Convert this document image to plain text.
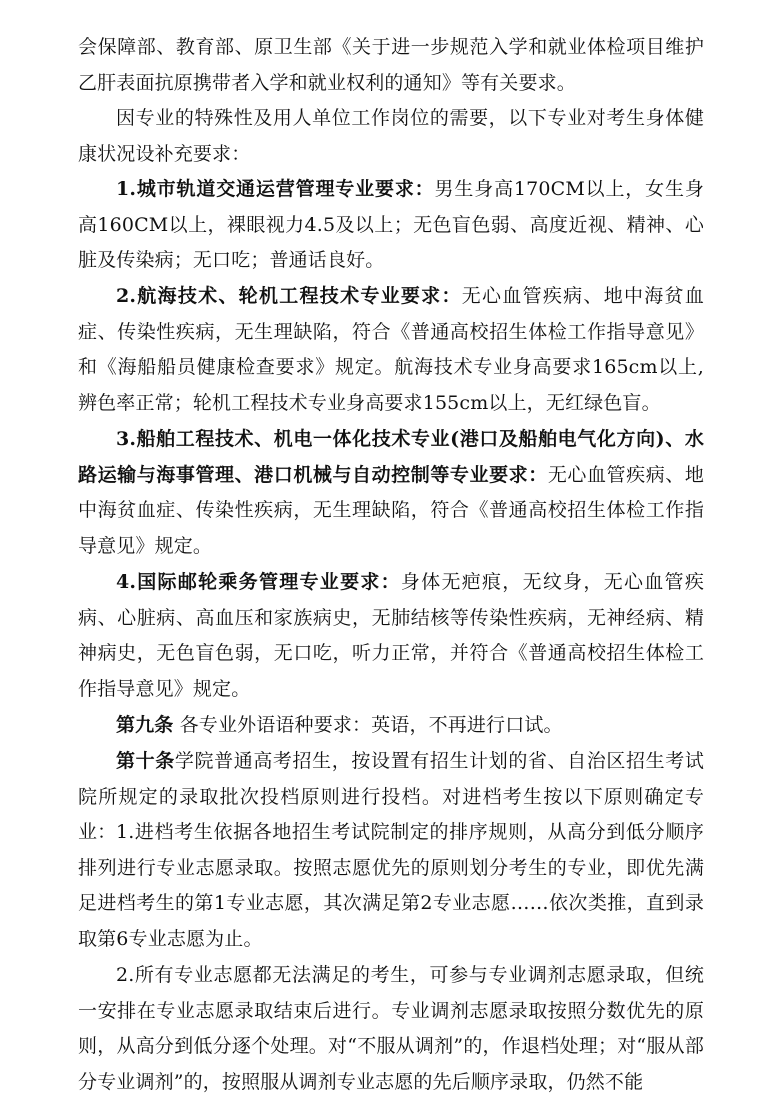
会保障部、教育部、原卫生部《关于进一步规范入学和就业体检项目维护乙肝表面抗原携带者入学和就业权利的通知》等有关要求。

因专业的特殊性及用人单位工作岗位的需要，以下专业对考生身体健康状况设补充要求：

1.城市轨道交通运营管理专业要求：男生身高170CM以上，女生身高160CM以上，裸眼视力4.5及以上；无色盲色弱、高度近视、精神、心脏及传染病；无口吃；普通话良好。

2.航海技术、轮机工程技术专业要求：无心血管疾病、地中海贫血症、传染性疾病，无生理缺陷，符合《普通高校招生体检工作指导意见》和《海船船员健康检查要求》规定。航海技术专业身高要求165cm以上,辨色率正常；轮机工程技术专业身高要求155cm以上，无红绿色盲。

3.船舶工程技术、机电一体化技术专业(港口及船舶电气化方向)、水路运输与海事管理、港口机械与自动控制等专业要求：无心血管疾病、地中海贫血症、传染性疾病，无生理缺陷，符合《普通高校招生体检工作指导意见》规定。

4.国际邮轮乘务管理专业要求：身体无疤痕，无纹身，无心血管疾病、心脏病、高血压和家族病史，无肺结核等传染性疾病，无神经病、精神病史，无色盲色弱，无口吃，听力正常，并符合《普通高校招生体检工作指导意见》规定。

第九条 各专业外语语种要求：英语，不再进行口试。

第十条学院普通高考招生，按设置有招生计划的省、自治区招生考试院所规定的录取批次投档原则进行投档。对进档考生按以下原则确定专业： 1.进档考生依据各地招生考试院制定的排序规则，从高分到低分顺序排列进行专业志愿录取。按照志愿优先的原则划分考生的专业，即优先满足进档考生的第1专业志愿，其次满足第2专业志愿……依次类推，直到录取第6专业志愿为止。

2.所有专业志愿都无法满足的考生，可参与专业调剂志愿录取，但统一安排在专业志愿录取结束后进行。专业调剂志愿录取按照分数优先的原则，从高分到低分逐个处理。对“不服从调剂”的，作退档处理；对“服从部分专业调剂”的，按照服从调剂专业志愿的先后顺序录取，仍然不能
